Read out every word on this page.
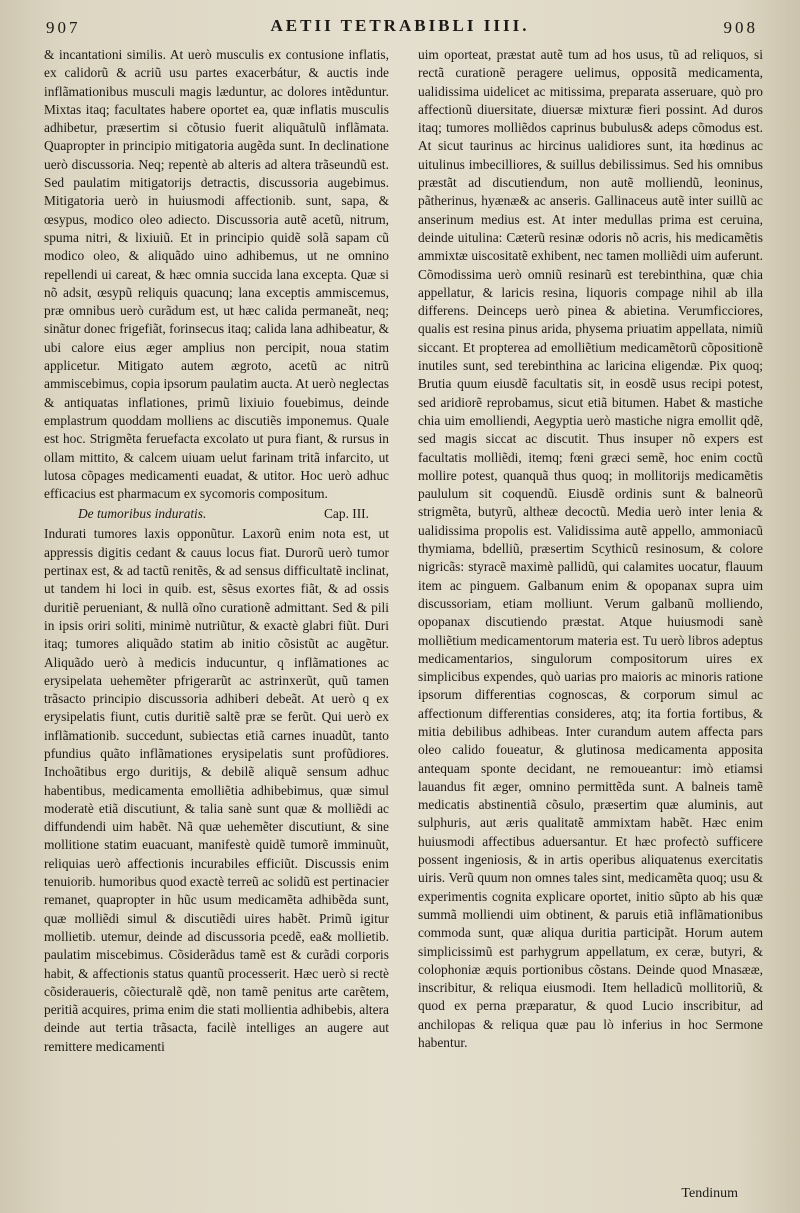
907	AETII TETRABIBLI IIII.	908

& incantationi similis. At uerò musculis ex contusione inflatis, ex calidorũ & acriũ usu partes exacerbátur, & auctis inde inflãmationibus musculi magis læduntur, ac dolores intẽduntur. Mixtas itaq; facultates habere oportet ea, quæ inflatis musculis adhibetur, præsertim si cõtusio fuerit aliquãtulũ inflãmata. Quapropter in principio mitigatoria augẽda sunt. In declinatione uerò discussoria. Neq; repentè ab alteris ad altera trãseundũ est. Sed paulatim mitigatorijs detractis, discussoria augebimus. Mitigatoria uerò in huiusmodi affectionib. sunt, sapa, & œsypus, modico oleo adiecto. Discussoria autẽ acetũ, nitrum, spuma nitri, & lixiuiũ. Et in principio quidẽ solã sapam cũ modico oleo, & aliquãdo uino adhibemus, ut ne omnino repellendi ui careat, & hæc omnia succida lana excepta. Quæ si nõ adsit, œsypũ reliquis quacunq; lana exceptis ammiscemus, præ omnibus uerò curãdum est, ut hæc calida permaneãt, neq; sinãtur donec frigefiãt, forinsecus itaq; calida lana adhibeatur, & ubi calore eius æger amplius non percipit, noua statim applicetur. Mitigato autem ægroto, acetũ ac nitrũ ammiscebimus, copia ipsorum paulatim aucta. At uerò neglectas & antiquatas inflationes, primũ lixiuio fouebimus, deinde emplastrum quoddam molliens ac discutiẽs imponemus. Quale est hoc. Strigmẽta feruefacta excolato ut pura fiant, & rursus in ollam mittito, & calcem uiuam uelut farinam tritã infarcito, ut lutosa cõpages medicamenti euadat, & utitor. Hoc uerò adhuc efficacius est pharmacum ex sycomoris compositum.

De tumoribus induratis.	Cap. III.

Indurati tumores laxis opponũtur. Laxorũ enim nota est, ut appressis digitis cedant & cauus locus fiat. Durorũ uerò tumor pertinax est, & ad tactũ renitẽs, & ad sensus difficultatẽ inclinat, ut tandem hi loci in quib. est, sẽsus exortes fiãt, & ad ossis duritiẽ perueniant, & nullã oĩno curationẽ admittant. Sed & pili in ipsis oriri soliti, minimè nutriũtur, & exactè glabri fiũt. Duri itaq; tumores aliquãdo statim ab initio cõsistũt ac augẽtur. Aliquãdo uerò à medicis inducuntur, q inflãmationes ac erysipelata uehemẽter pfrigerarũt ac astrinxerũt, quũ tamen trãsacto principio discussoria adhiberi debeãt. At uerò q ex erysipelatis fiunt, cutis duritiẽ saltẽ præ se ferũt. Qui uerò ex inflãmationib. succedunt, subiectas etiã carnes inuadũt, tanto pfundius quãto inflãmationes erysipelatis sunt profũdiores. Inchoãtibus ergo duritijs, & debilẽ aliquẽ sensum adhuc habentibus, medicamenta emolliẽtia adhibebimus, quæ simul moderatè etiã discutiunt, & talia sanè sunt quæ & molliẽdi ac diffundendi uim habẽt. Nã quæ uehemẽter discutiunt, & sine mollitione statim euacuant, manifestè quidẽ tumorẽ imminuũt, reliquias uerò affectionis incurabiles efficiũt. Discussis enim tenuiorib. humoribus quod exactè terreũ ac solidũ est pertinacier remanet, quapropter in hũc usum medicamẽta adhibẽda sunt, quæ molliẽdi simul & discutiẽdi uires habẽt. Primũ igitur mollietib. utemur, deinde ad discussoria pcedẽ, ea& mollietib. paulatim miscebimus. Cõsiderãdus tamẽ est & curãdi corporis habit, & affectionis status quantũ processerit. Hæc uerò si rectè cõsideraueris, cõiecturalẽ qdẽ, non tamẽ penitus arte carẽtem, peritiã acquires, prima enim die stati mollientia adhibebis, altera deinde aut tertia trãsacta, facilè intelliges an augere aut remittere medicamenti

uim oporteat, præstat autẽ tum ad hos usus, tũ ad reliquos, si rectã curationẽ peragere uelimus, oppositã medicamenta, ualidissima uidelicet ac mitissima, preparata asseruare, quò pro affectionũ diuersitate, diuersæ mixturæ fieri possint. Ad duros itaq; tumores molliẽdos caprinus bubulus& adeps cõmodus est. At sicut taurinus ac hircinus ualidiores sunt, ita hœdinus ac uitulinus imbecilliores, & suillus debilissimus. Sed his omnibus præstãt ad discutiendum, non autẽ molliendũ, leoninus, pãtherinus, hyænæ& ac anseris. Gallinaceus autẽ inter suillũ ac anserinum medius est. At inter medullas prima est ceruina, deinde uitulina: Cæterũ resinæ odoris nõ acris, his medicamẽtis ammixtæ uiscositatẽ exhibent, nec tamen molliẽdi uim auferunt. Cõmodissima uerò omniũ resinarũ est terebinthina, quæ chia appellatur, & laricis resina, liquoris compage nihil ab illa differens. Deinceps uerò pinea & abietina. Verumficciores, qualis est resina pinus arida, physema priuatim appellata, nimiũ siccant. Et propterea ad emolliẽtium medicamẽtorũ cõpositionẽ inutiles sunt, sed terebinthina ac laricina eligendæ. Pix quoq; Brutia quum eiusdẽ facultatis sit, in eosdẽ usus recipi potest, sed aridiorẽ reprobamus, sicut etiã bitumen. Habet & mastiche chia uim emolliendi, Aegyptia uerò mastiche nigra emollit qdẽ, sed magis siccat ac discutit. Thus insuper nõ expers est facultatis molliẽdi, itemq; fœni græci semẽ, hoc enim coctũ mollire potest, quanquã thus quoq; in mollitorijs medicamẽtis paululum sit coquendũ. Eiusdẽ ordinis sunt & balneorũ strigmẽta, butyrũ, altheæ decoctũ. Media uerò inter lenia & ualidissima propolis est. Validissima autẽ appello, ammoniacũ thymiama, bdelliũ, præsertim Scythicũ resinosum, & colore nigricãs: styracẽ maximè pallidũ, qui calamites uocatur, flauum item ac pinguem. Galbanum enim & opopanax supra uim discussoriam, etiam molliunt. Verum galbanũ molliendo, opopanax discutiendo præstat. Atque huiusmodi sanè molliẽtium medicamentorum materia est. Tu uerò libros adeptus medicamentarios, singulorum compositorum uires ex simplicibus expendes, quò uarias pro maioris ac minoris ratione ipsorum differentias cognoscas, & corporum simul ac affectionum differentias consideres, atq; ita fortia fortibus, & mitia debilibus adhibeas. Inter curandum autem affecta pars oleo calido foueatur, & glutinosa medicamenta apposita antequam sponte decidant, ne remoueantur: imò etiamsi lauandus fit æger, omnino permittẽda sunt. A balneis tamẽ medicatis abstinentiã cõsulo, præsertim quæ aluminis, aut sulphuris, aut æris qualitatẽ ammixtam habẽt. Hæc enim huiusmodi affectibus aduersantur. Et hæc profectò sufficere possent ingeniosis, & in artis operibus aliquatenus exercitatis uiris. Verũ quum non omnes tales sint, medicamẽta quoq; usu & experimentis cognita explicare oportet, initio sũpto ab his quæ summã molliendi uim obtinent, & paruis etiã inflãmationibus commoda sunt, quæ aliqua duritia participãt. Horum autem simplicissimũ est parhygrum appellatum, ex ceræ, butyri, & colophoniæ æquis portionibus cõstans. Deinde quod Mnasææ, inscribitur, & reliqua eiusmodi. Item helladicũ mollitoriũ, & quod ex perna præparatur, & quod Lucio inscribitur, ad anchilopas & reliqua quæ pau lò inferius in hoc Sermone habentur.

Tendinum
